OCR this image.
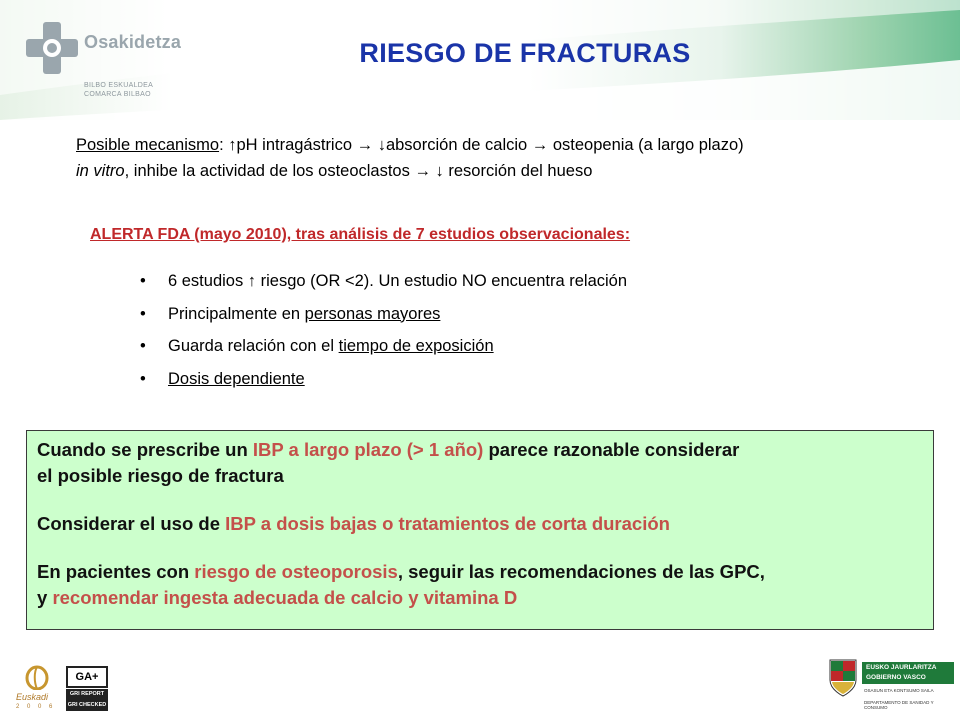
Osakidetza
BILBO ESKUALDEA
COMARCA BILBAO
RIESGO DE FRACTURAS
Posible mecanismo: ↑pH intragástrico → ↓absorción de calcio → osteopenia (a largo plazo)
in vitro, inhibe la actividad de los osteoclastos → ↓ resorción del hueso
ALERTA FDA (mayo 2010), tras análisis de 7 estudios observacionales:
• 6 estudios ↑ riesgo (OR <2). Un estudio NO encuentra relación
• Principalmente en personas mayores
• Guarda relación con el tiempo de exposición
• Dosis dependiente
Cuando se prescribe un IBP a largo plazo (> 1 año) parece razonable considerar
el posible riesgo de fractura
Considerar el uso de IBP a dosis bajas o tratamientos de corta duración
En pacientes con riesgo de osteoporosis, seguir las recomendaciones de las GPC,
y recomendar ingesta adecuada de calcio y vitamina D
Euskadi
2 0 0 6
GA+
GRI REPORT
GRI CHECKED
EUSKO JAURLARITZA
GOBIERNO VASCO
OSASUN ETA KONTSUMO SAILA
DEPARTAMENTO DE SANIDAD Y CONSUMO
